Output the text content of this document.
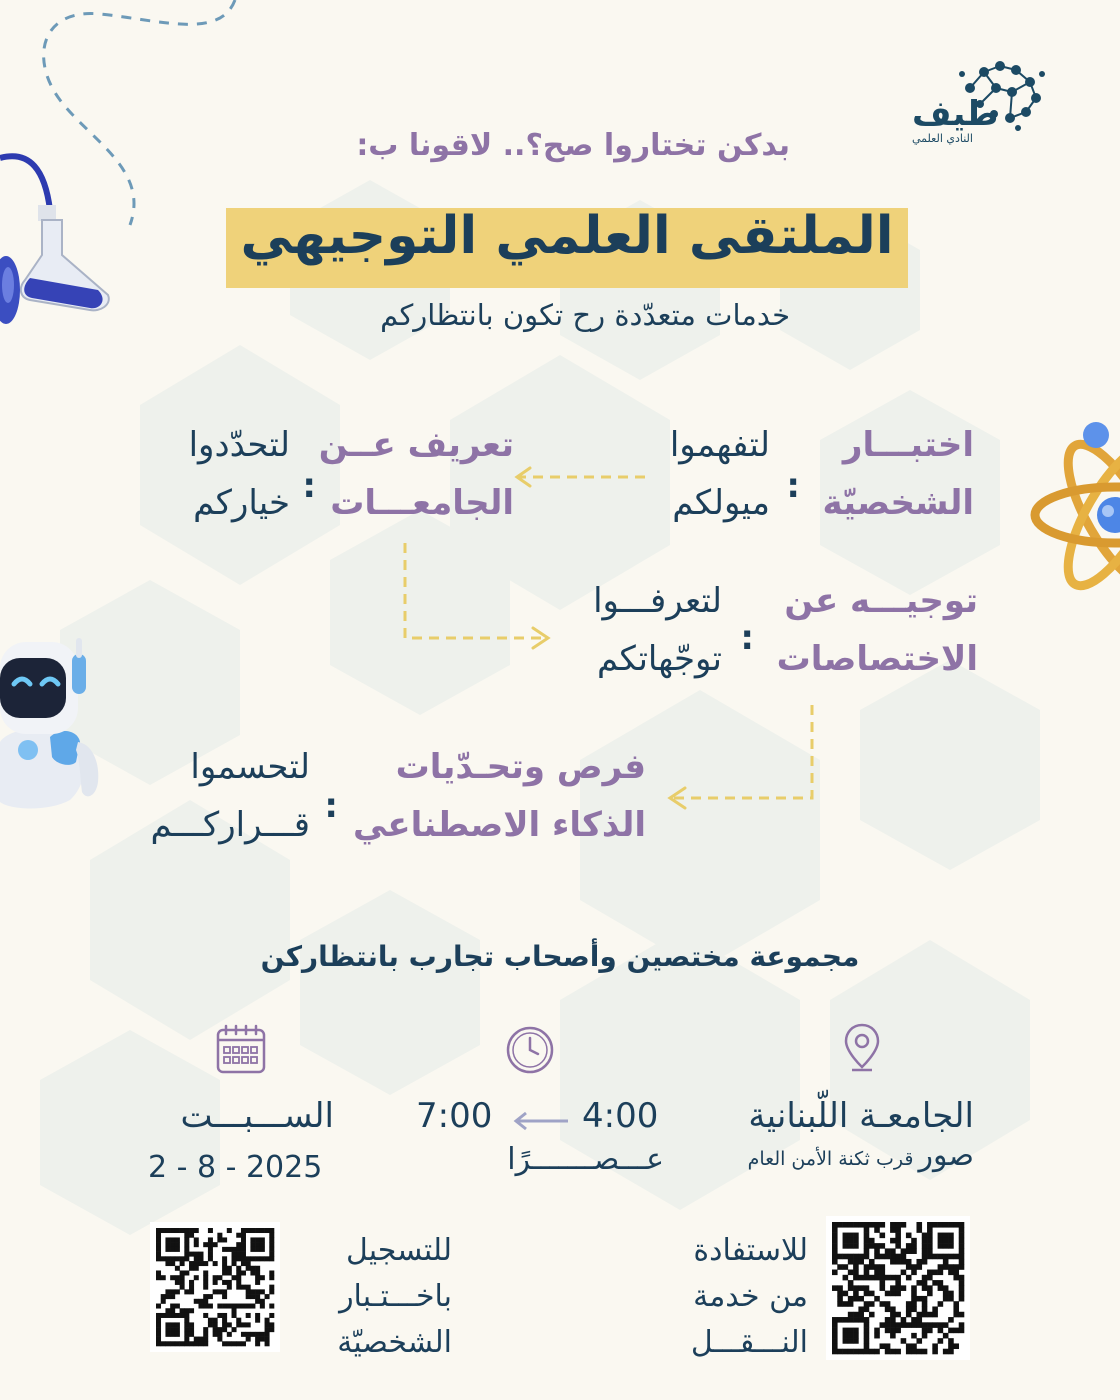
طيف
النادي العلمي
بدكن تختاروا صح؟.. لاقونا ب:
الملتقى العلمي التوجيهي
خدمات متعدّدة رح تكون بانتظاركم
اختبـــار
الشخصيّة
:
لتفهموا
ميولكم
تعريف عــن
الجامعـــات
:
لتحدّدوا
خياركم
توجيـــه عن
الاختصاصات
:
لتعرفـــوا
توجّهاتكم
فرص وتحـدّيات
الذكاء الاصطناعي
:
لتحسموا
قـــراركـــم
مجموعة مختصين وأصحاب تجارب بانتظاركن
الجامعـة اللّبنانية
صور قرب ثكنة الأمن العام
4:00
7:00
عـــصـــــــرًا
الســـبـــت
2 - 8 - 2025
للتسجيل
باخـــتـبار
الشخصيّة
للاستفادة
من خدمة
النـــقـــل
